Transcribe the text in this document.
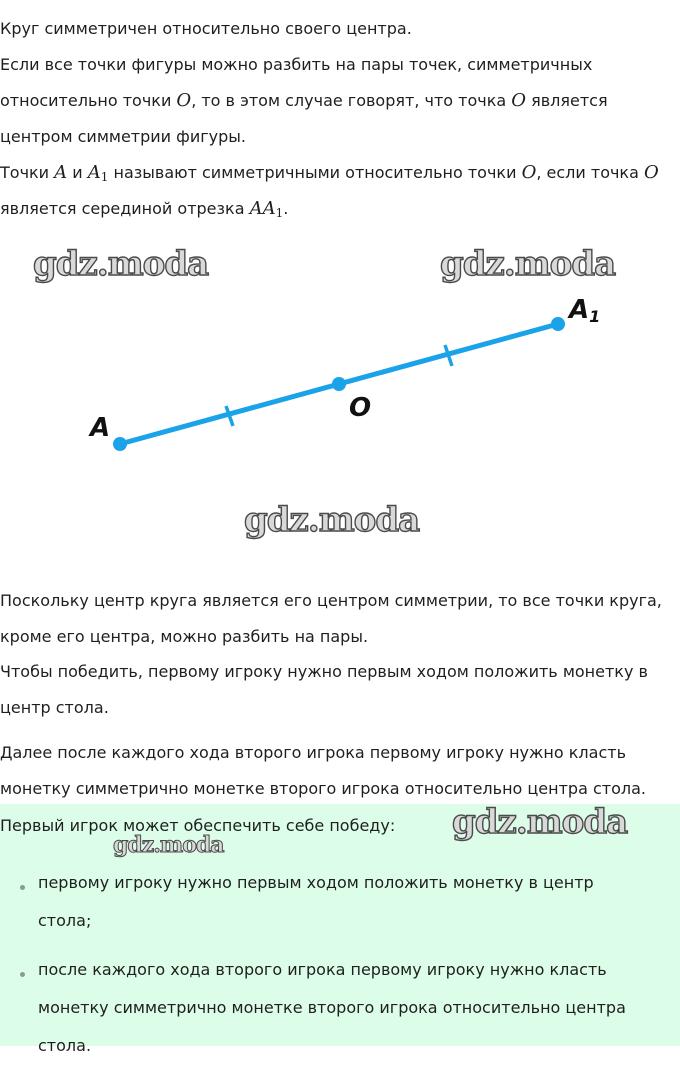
Круг симметричен относительно своего центра.
Если все точки фигуры можно разбить на пары точек, симметричных
относительно точки O, то в этом случае говорят, что точка O является
центром симметрии фигуры.
Точки A и $A_1$ называют симметричными относительно точки O, если точка O
является серединой отрезка $AA_1$.
gdz.moda	gdz.moda
gdz.moda
A
O
A1
Поскольку центр круга является его центром симметрии, то все точки круга,
кроме его центра, можно разбить на пары.
Чтобы победить, первому игроку нужно первым ходом положить монетку в
центр стола.
Далее после каждого хода второго игрока первому игроку нужно класть
монетку симметрично монетке второго игрока относительно центра стола.
Первый игрок может обеспечить себе победу:	gdz.moda
gdz.moda
первому игроку нужно первым ходом положить монетку в центр
стола;
после каждого хода второго игрока первому игроку нужно класть
монетку симметрично монетке второго игрока относительно центра
стола.
